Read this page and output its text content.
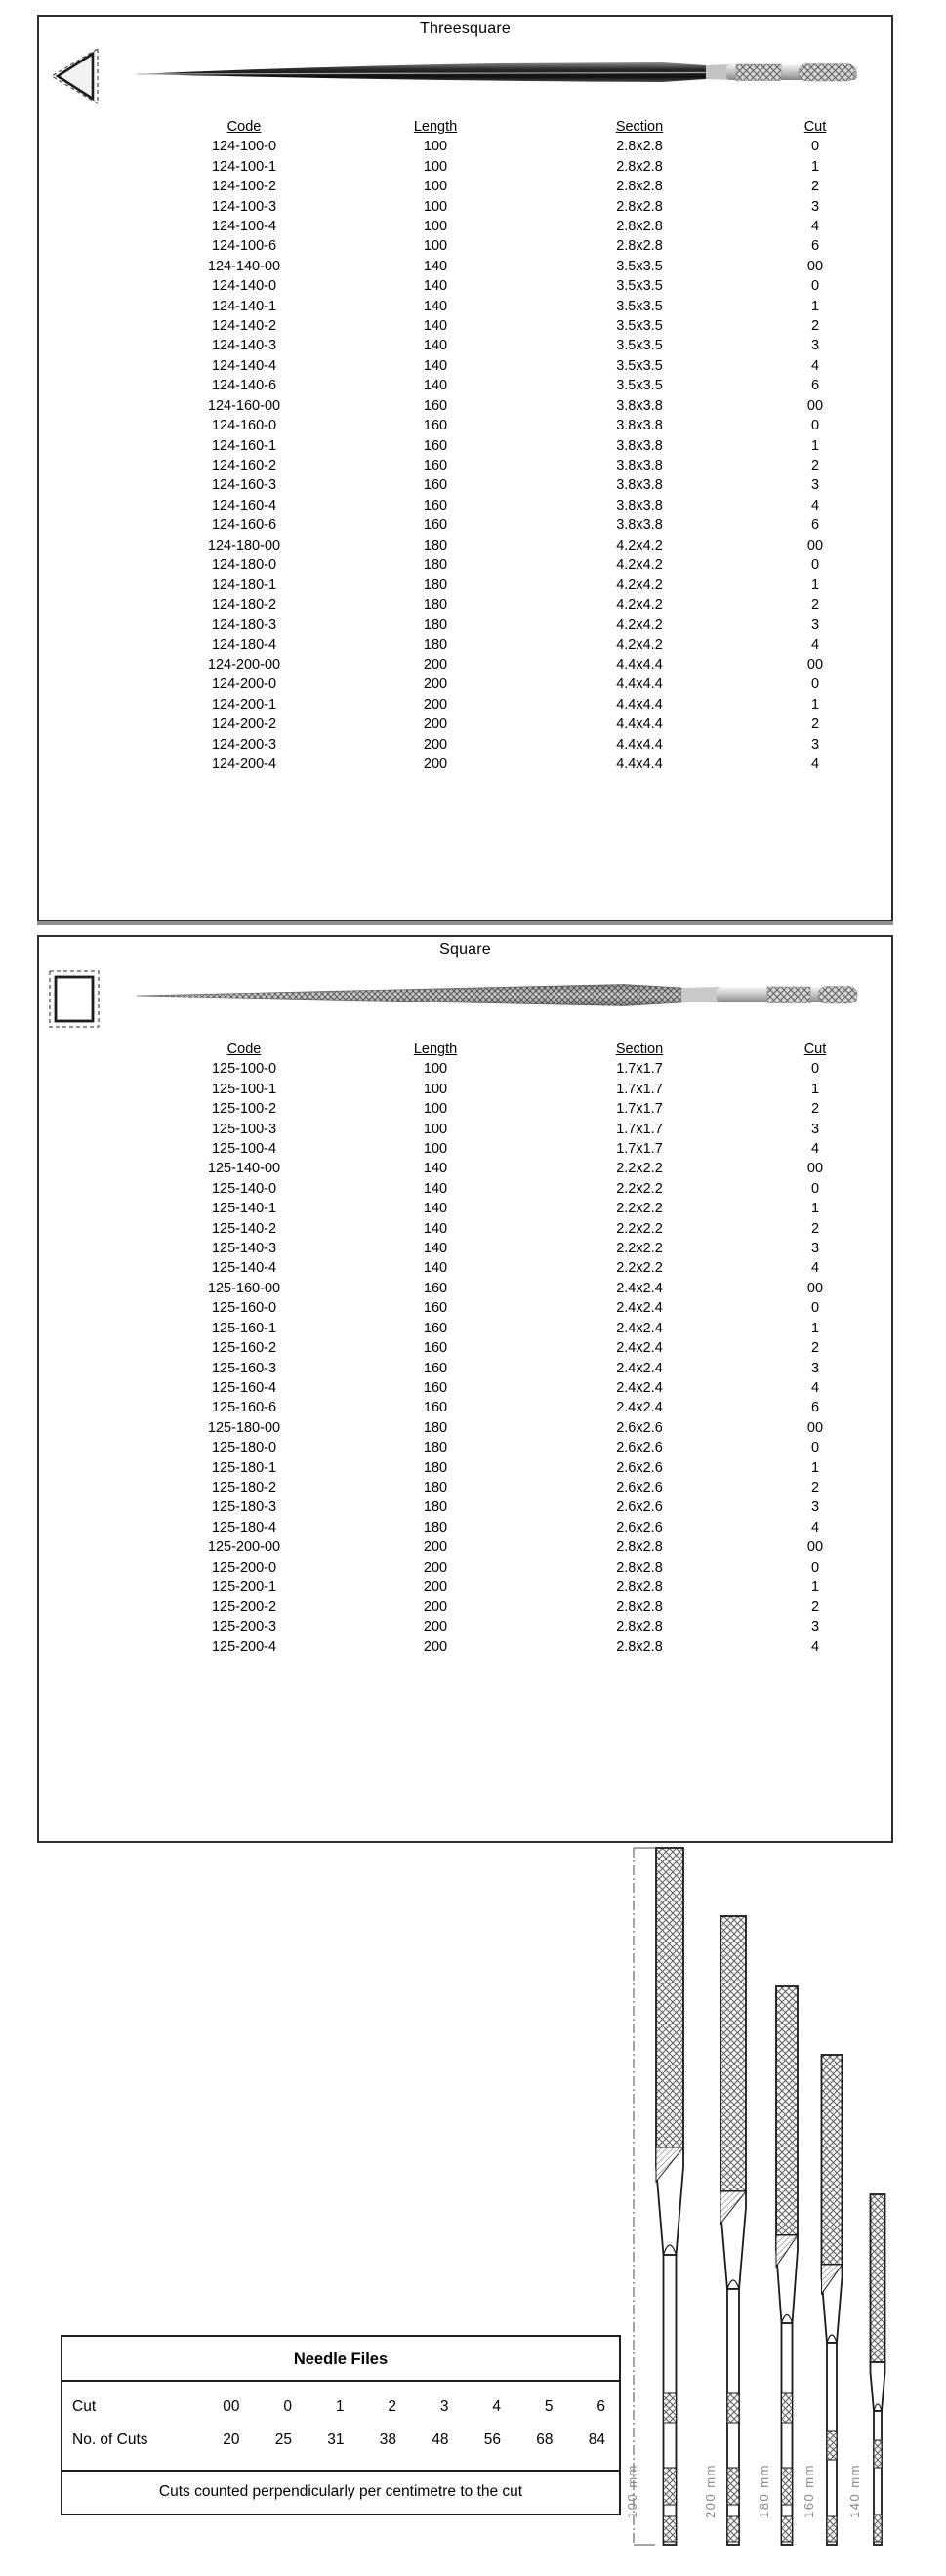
Threesquare
Code	Length	Section	Cut
124-100-0	100	2.8x2.8	0
124-100-1	100	2.8x2.8	1
124-100-2	100	2.8x2.8	2
124-100-3	100	2.8x2.8	3
124-100-4	100	2.8x2.8	4
124-100-6	100	2.8x2.8	6
124-140-00	140	3.5x3.5	00
124-140-0	140	3.5x3.5	0
124-140-1	140	3.5x3.5	1
124-140-2	140	3.5x3.5	2
124-140-3	140	3.5x3.5	3
124-140-4	140	3.5x3.5	4
124-140-6	140	3.5x3.5	6
124-160-00	160	3.8x3.8	00
124-160-0	160	3.8x3.8	0
124-160-1	160	3.8x3.8	1
124-160-2	160	3.8x3.8	2
124-160-3	160	3.8x3.8	3
124-160-4	160	3.8x3.8	4
124-160-6	160	3.8x3.8	6
124-180-00	180	4.2x4.2	00
124-180-0	180	4.2x4.2	0
124-180-1	180	4.2x4.2	1
124-180-2	180	4.2x4.2	2
124-180-3	180	4.2x4.2	3
124-180-4	180	4.2x4.2	4
124-200-00	200	4.4x4.4	00
124-200-0	200	4.4x4.4	0
124-200-1	200	4.4x4.4	1
124-200-2	200	4.4x4.4	2
124-200-3	200	4.4x4.4	3
124-200-4	200	4.4x4.4	4
Square
Code	Length	Section	Cut
125-100-0	100	1.7x1.7	0
125-100-1	100	1.7x1.7	1
125-100-2	100	1.7x1.7	2
125-100-3	100	1.7x1.7	3
125-100-4	100	1.7x1.7	4
125-140-00	140	2.2x2.2	00
125-140-0	140	2.2x2.2	0
125-140-1	140	2.2x2.2	1
125-140-2	140	2.2x2.2	2
125-140-3	140	2.2x2.2	3
125-140-4	140	2.2x2.2	4
125-160-00	160	2.4x2.4	00
125-160-0	160	2.4x2.4	0
125-160-1	160	2.4x2.4	1
125-160-2	160	2.4x2.4	2
125-160-3	160	2.4x2.4	3
125-160-4	160	2.4x2.4	4
125-160-6	160	2.4x2.4	6
125-180-00	180	2.6x2.6	00
125-180-0	180	2.6x2.6	0
125-180-1	180	2.6x2.6	1
125-180-2	180	2.6x2.6	2
125-180-3	180	2.6x2.6	3
125-180-4	180	2.6x2.6	4
125-200-00	200	2.8x2.8	00
125-200-0	200	2.8x2.8	0
125-200-1	200	2.8x2.8	1
125-200-2	200	2.8x2.8	2
125-200-3	200	2.8x2.8	3
125-200-4	200	2.8x2.8	4
Needle Files
Cut	00	0	1	2	3	4	5	6
No. of Cuts	20	25	31	38	48	56	68	84
Cuts counted perpendicularly per centimetre to the cut	200 mm	180 mm 160 mm 140 mm
100 mm
